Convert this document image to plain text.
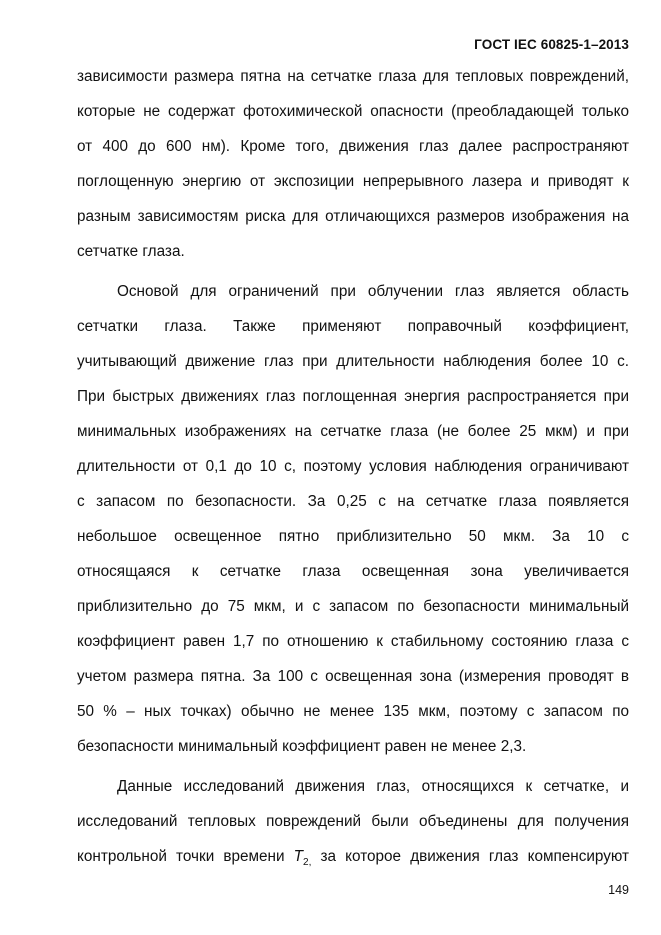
ГОСТ IEC 60825-1–2013
зависимости размера пятна на сетчатке глаза для тепловых повреждений,
которые не содержат фотохимической опасности (преобладающей только
от 400 до 600 нм). Кроме того, движения глаз далее распространяют
поглощенную энергию от экспозиции непрерывного лазера и приводят к
разным зависимостям риска для отличающихся размеров изображения на
сетчатке глаза.
Основой для ограничений при облучении глаз является область
сетчатки глаза. Также применяют поправочный коэффициент,
учитывающий движение глаз при длительности наблюдения более 10 с.
При быстрых движениях глаз поглощенная энергия распространяется при
минимальных изображениях на сетчатке глаза (не более 25 мкм) и при
длительности от 0,1 до 10 с, поэтому условия наблюдения ограничивают
с запасом по безопасности. За 0,25 с на сетчатке глаза появляется
небольшое освещенное пятно приблизительно 50 мкм. За 10 с
относящаяся к сетчатке глаза освещенная зона увеличивается
приблизительно до 75 мкм, и с запасом по безопасности минимальный
коэффициент равен 1,7 по отношению к стабильному состоянию глаза с
учетом размера пятна. За 100 с освещенная зона (измерения проводят в
50 % – ных точках) обычно не менее 135 мкм, поэтому с запасом по
безопасности минимальный коэффициент равен не менее 2,3.
Данные исследований движения глаз, относящихся к сетчатке, и
исследований тепловых повреждений были объединены для получения
контрольной точки времени $T_{2,}$ за которое движения глаз компенсируют
149
